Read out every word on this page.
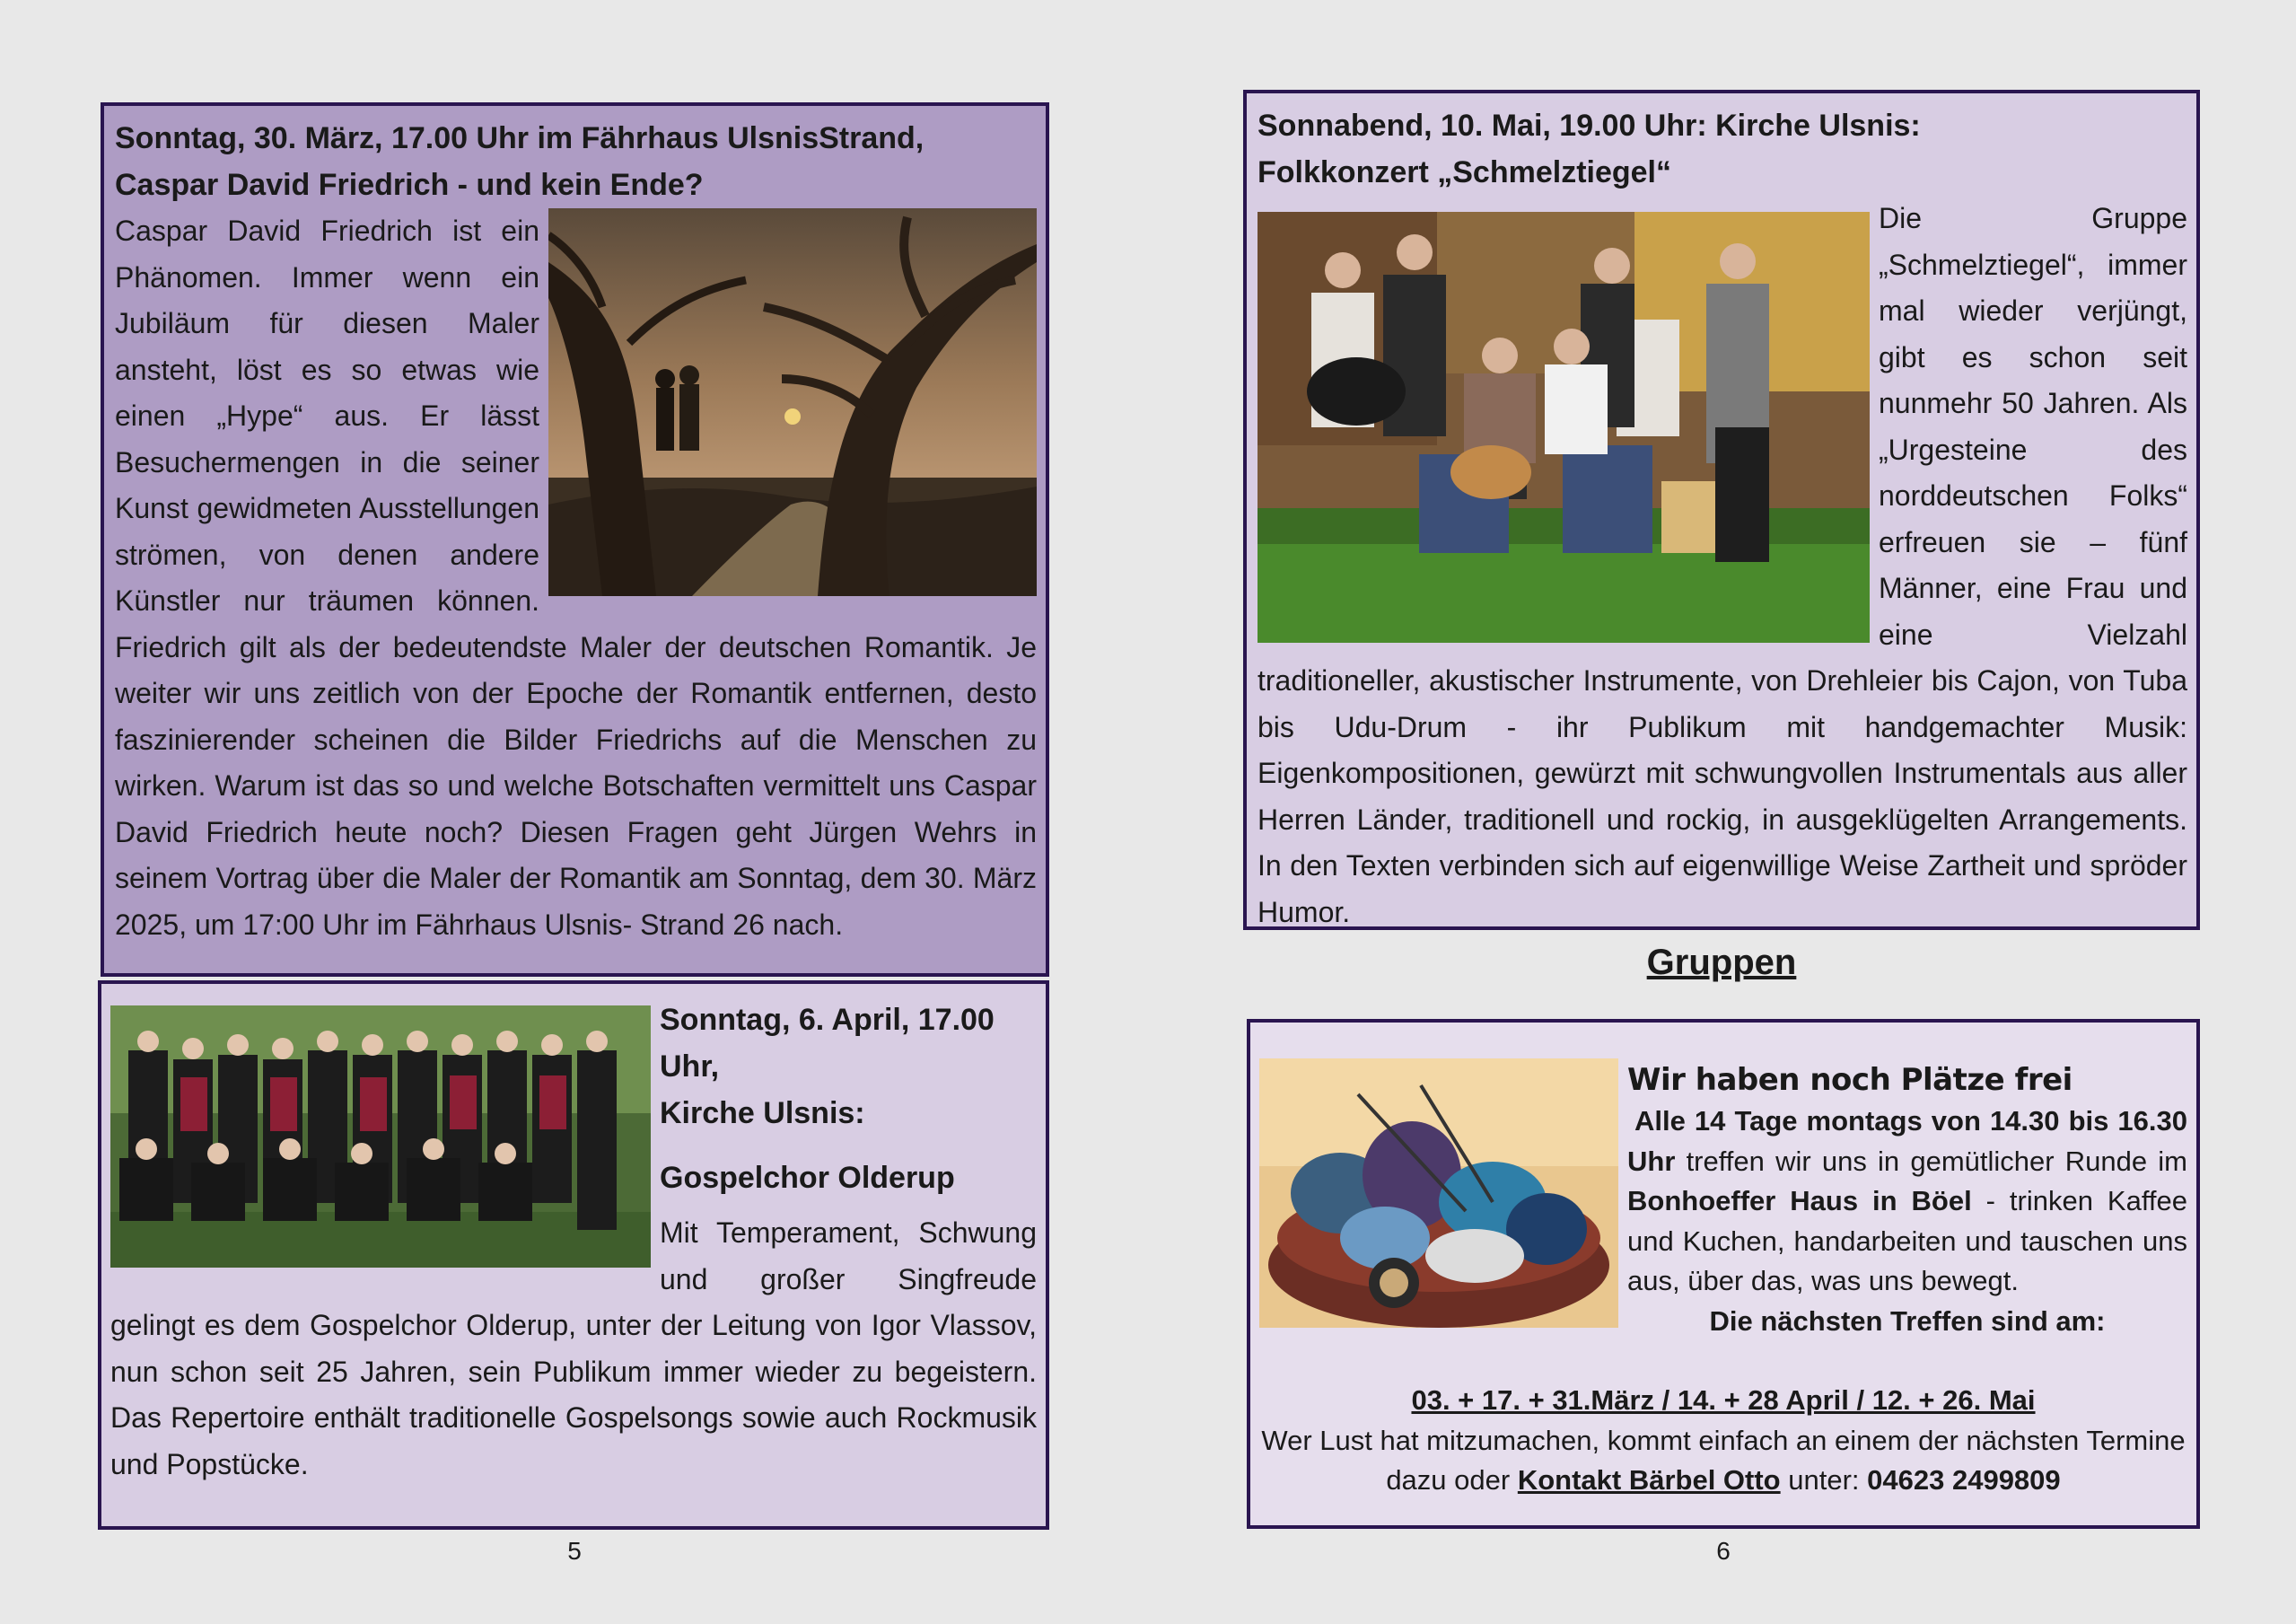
Sonntag, 30. März, 17.00 Uhr im Fährhaus UlsnisStrand,

Caspar David Friedrich - und kein Ende?

Caspar David Friedrich ist ein Phänomen. Immer wenn ein Jubiläum für diesen Maler ansteht, löst es so etwas wie einen „Hype“ aus. Er lässt Besuchermengen in die seiner Kunst gewidmeten Ausstellungen strömen, von denen andere Künstler nur träumen können. Friedrich gilt als der bedeutendste Maler der deutschen Romantik. Je weiter wir uns zeitlich von der Epoche der Romantik entfernen, desto faszinierender scheinen die Bilder Friedrichs auf die Menschen zu wirken. Warum ist das so und welche Botschaften vermittelt uns Caspar David Friedrich heute noch? Diesen Fragen geht Jürgen Wehrs in seinem Vortrag über die Maler der Romantik am Sonntag, dem 30. März 2025, um 17:00 Uhr im Fährhaus Ulsnis- Strand 26 nach.

Sonntag, 6. April, 17.00 Uhr,

Kirche Ulsnis:

Gospelchor Olderup

Mit Temperament, Schwung und großer Singfreude gelingt es dem Gospelchor Olderup, unter der Leitung von Igor Vlassov, nun schon seit 25 Jahren, sein Publikum immer wieder zu begeistern. Das Repertoire enthält traditionelle Gospelsongs sowie auch Rockmusik und Popstücke.

5

Sonnabend, 10. Mai, 19.00 Uhr: Kirche Ulsnis:

Folkkonzert „Schmelztiegel“

Die Gruppe „Schmelztiegel“, immer mal wieder verjüngt, gibt es schon seit nunmehr 50 Jahren. Als „Urgesteine des norddeutschen Folks“ erfreuen sie – fünf Männer, eine Frau und eine Vielzahl traditioneller, akustischer Instrumente, von Drehleier bis Cajon, von Tuba bis Udu-Drum - ihr Publikum mit handgemachter Musik: Eigenkompositionen, gewürzt mit schwungvollen Instrumentals aus aller Herren Länder, traditionell und rockig, in ausgeklügelten Arrangements. In den Texten verbinden sich auf eigenwillige Weise Zartheit und spröder Humor.

Gruppen

Wir haben noch Plätze frei

Alle 14 Tage montags von 14.30 bis 16.30 Uhr treffen wir uns in gemütlicher Runde im Bonhoeffer Haus in Böel - trinken Kaffee und Kuchen, handarbeiten und tauschen uns aus, über das, was uns bewegt.

Die nächsten Treffen sind am:

03. + 17. + 31.März / 14. + 28 April / 12. + 26. Mai

Wer Lust hat mitzumachen, kommt einfach an einem der nächsten Termine dazu oder Kontakt Bärbel Otto unter: 04623 2499809

6
